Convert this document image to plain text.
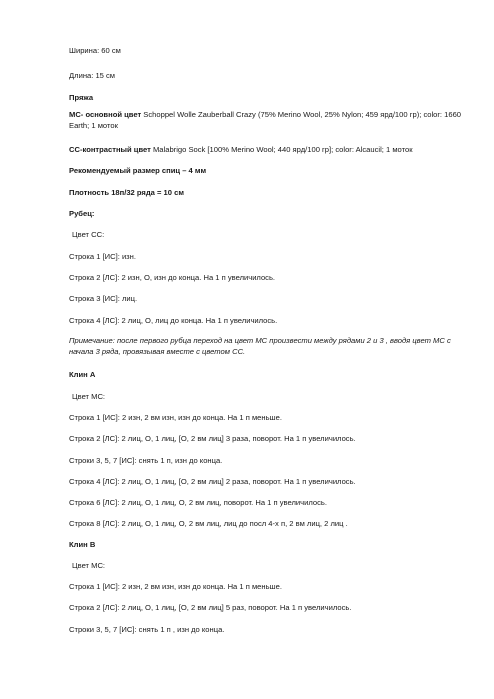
Ширина: 60 см
Длина: 15 см
Пряжа
МС- основной цвет Schoppel Wolle Zauberball Crazy (75% Merino Wool, 25% Nylon; 459 ярд/100 гр); color: 1660 Earth; 1 моток
СС-контрастный цвет Malabrigo Sock [100% Merino Wool; 440 ярд/100 гр]; color: Alcaucil; 1 моток
Рекомендуемый размер спиц – 4 мм
Плотность 18п/32 ряда = 10 см
Рубец:
Цвет СС:
Строка 1 [ИС]: изн.
Строка 2 [ЛС]: 2 изн, О, изн до конца. На 1 п увеличилось.
Строка 3 [ИС]: лиц.
Строка 4 [ЛС]: 2 лиц, О, лиц до конца. На 1 п увеличилось.
Примечание: после первого рубца переход на цвет МС произвести между рядами 2 и 3 , вводя цвет МС с начала 3 ряда, провязывая вместе с цветом СС.
Клин А
Цвет МС:
Строка 1 [ИС]: 2 изн, 2 вм изн, изн до конца. На 1 п меньше.
Строка 2 [ЛС]: 2 лиц, О, 1 лиц, [О, 2 вм лиц] 3 раза, поворот. На 1 п увеличилось.
Строки 3, 5, 7 [ИС]: снять 1 п, изн до конца.
Строка 4 [ЛС]: 2 лиц, О, 1 лиц, [О, 2 вм лиц] 2 раза, поворот. На 1 п увеличилось.
Строка 6 [ЛС]: 2 лиц, О, 1 лиц, О, 2 вм лиц, поворот. На 1 п увеличилось.
Строка 8 [ЛС]: 2 лиц, О, 1 лиц, О, 2 вм лиц, лиц до посл 4-х п, 2 вм лиц, 2 лиц .
Клин В
Цвет МС:
Строка 1 [ИС]: 2 изн, 2 вм изн, изн до конца. На 1 п меньше.
Строка 2 [ЛС]: 2 лиц, О, 1 лиц, [О, 2 вм лиц] 5 раз, поворот. На 1 п увеличилось.
Строки 3, 5, 7 [ИС]: снять 1 п , изн до конца.
